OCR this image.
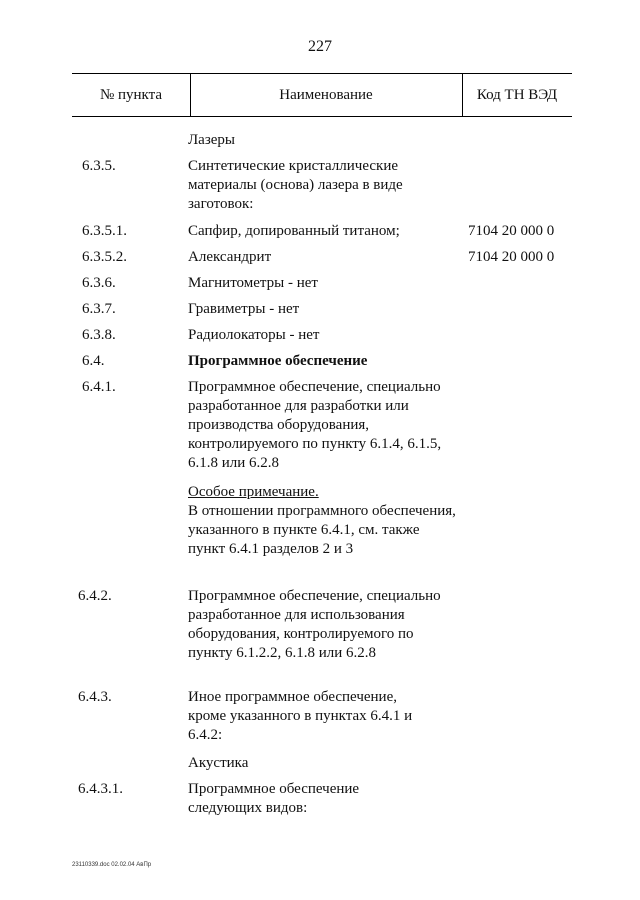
227
№ пункта	Наименование	Код ТН ВЭД
Лазеры
6.3.5.	Синтетические кристаллические материалы (основа) лазера в виде заготовок:
6.3.5.1.	Сапфир, допированный титаном;	7104 20 000 0
6.3.5.2.	Александрит	7104 20 000 0
6.3.6.	Магнитометры - нет
6.3.7.	Гравиметры - нет
6.3.8.	Радиолокаторы - нет
6.4.	Программное обеспечение
6.4.1.	Программное обеспечение, специально разработанное для разработки или производства оборудования, контролируемого по пункту 6.1.4, 6.1.5, 6.1.8 или 6.2.8
Особое примечание.
В отношении программного обеспечения, указанного в пункте 6.4.1, см. также пункт 6.4.1 разделов 2 и 3
6.4.2.	Программное обеспечение, специально разработанное для использования оборудования, контролируемого по пункту 6.1.2.2, 6.1.8 или 6.2.8
6.4.3.	Иное программное обеспечение, кроме указанного в пунктах 6.4.1 и 6.4.2:
Акустика
6.4.3.1.	Программное обеспечение следующих видов:
23110339.doc 02.02.04 АвПр
